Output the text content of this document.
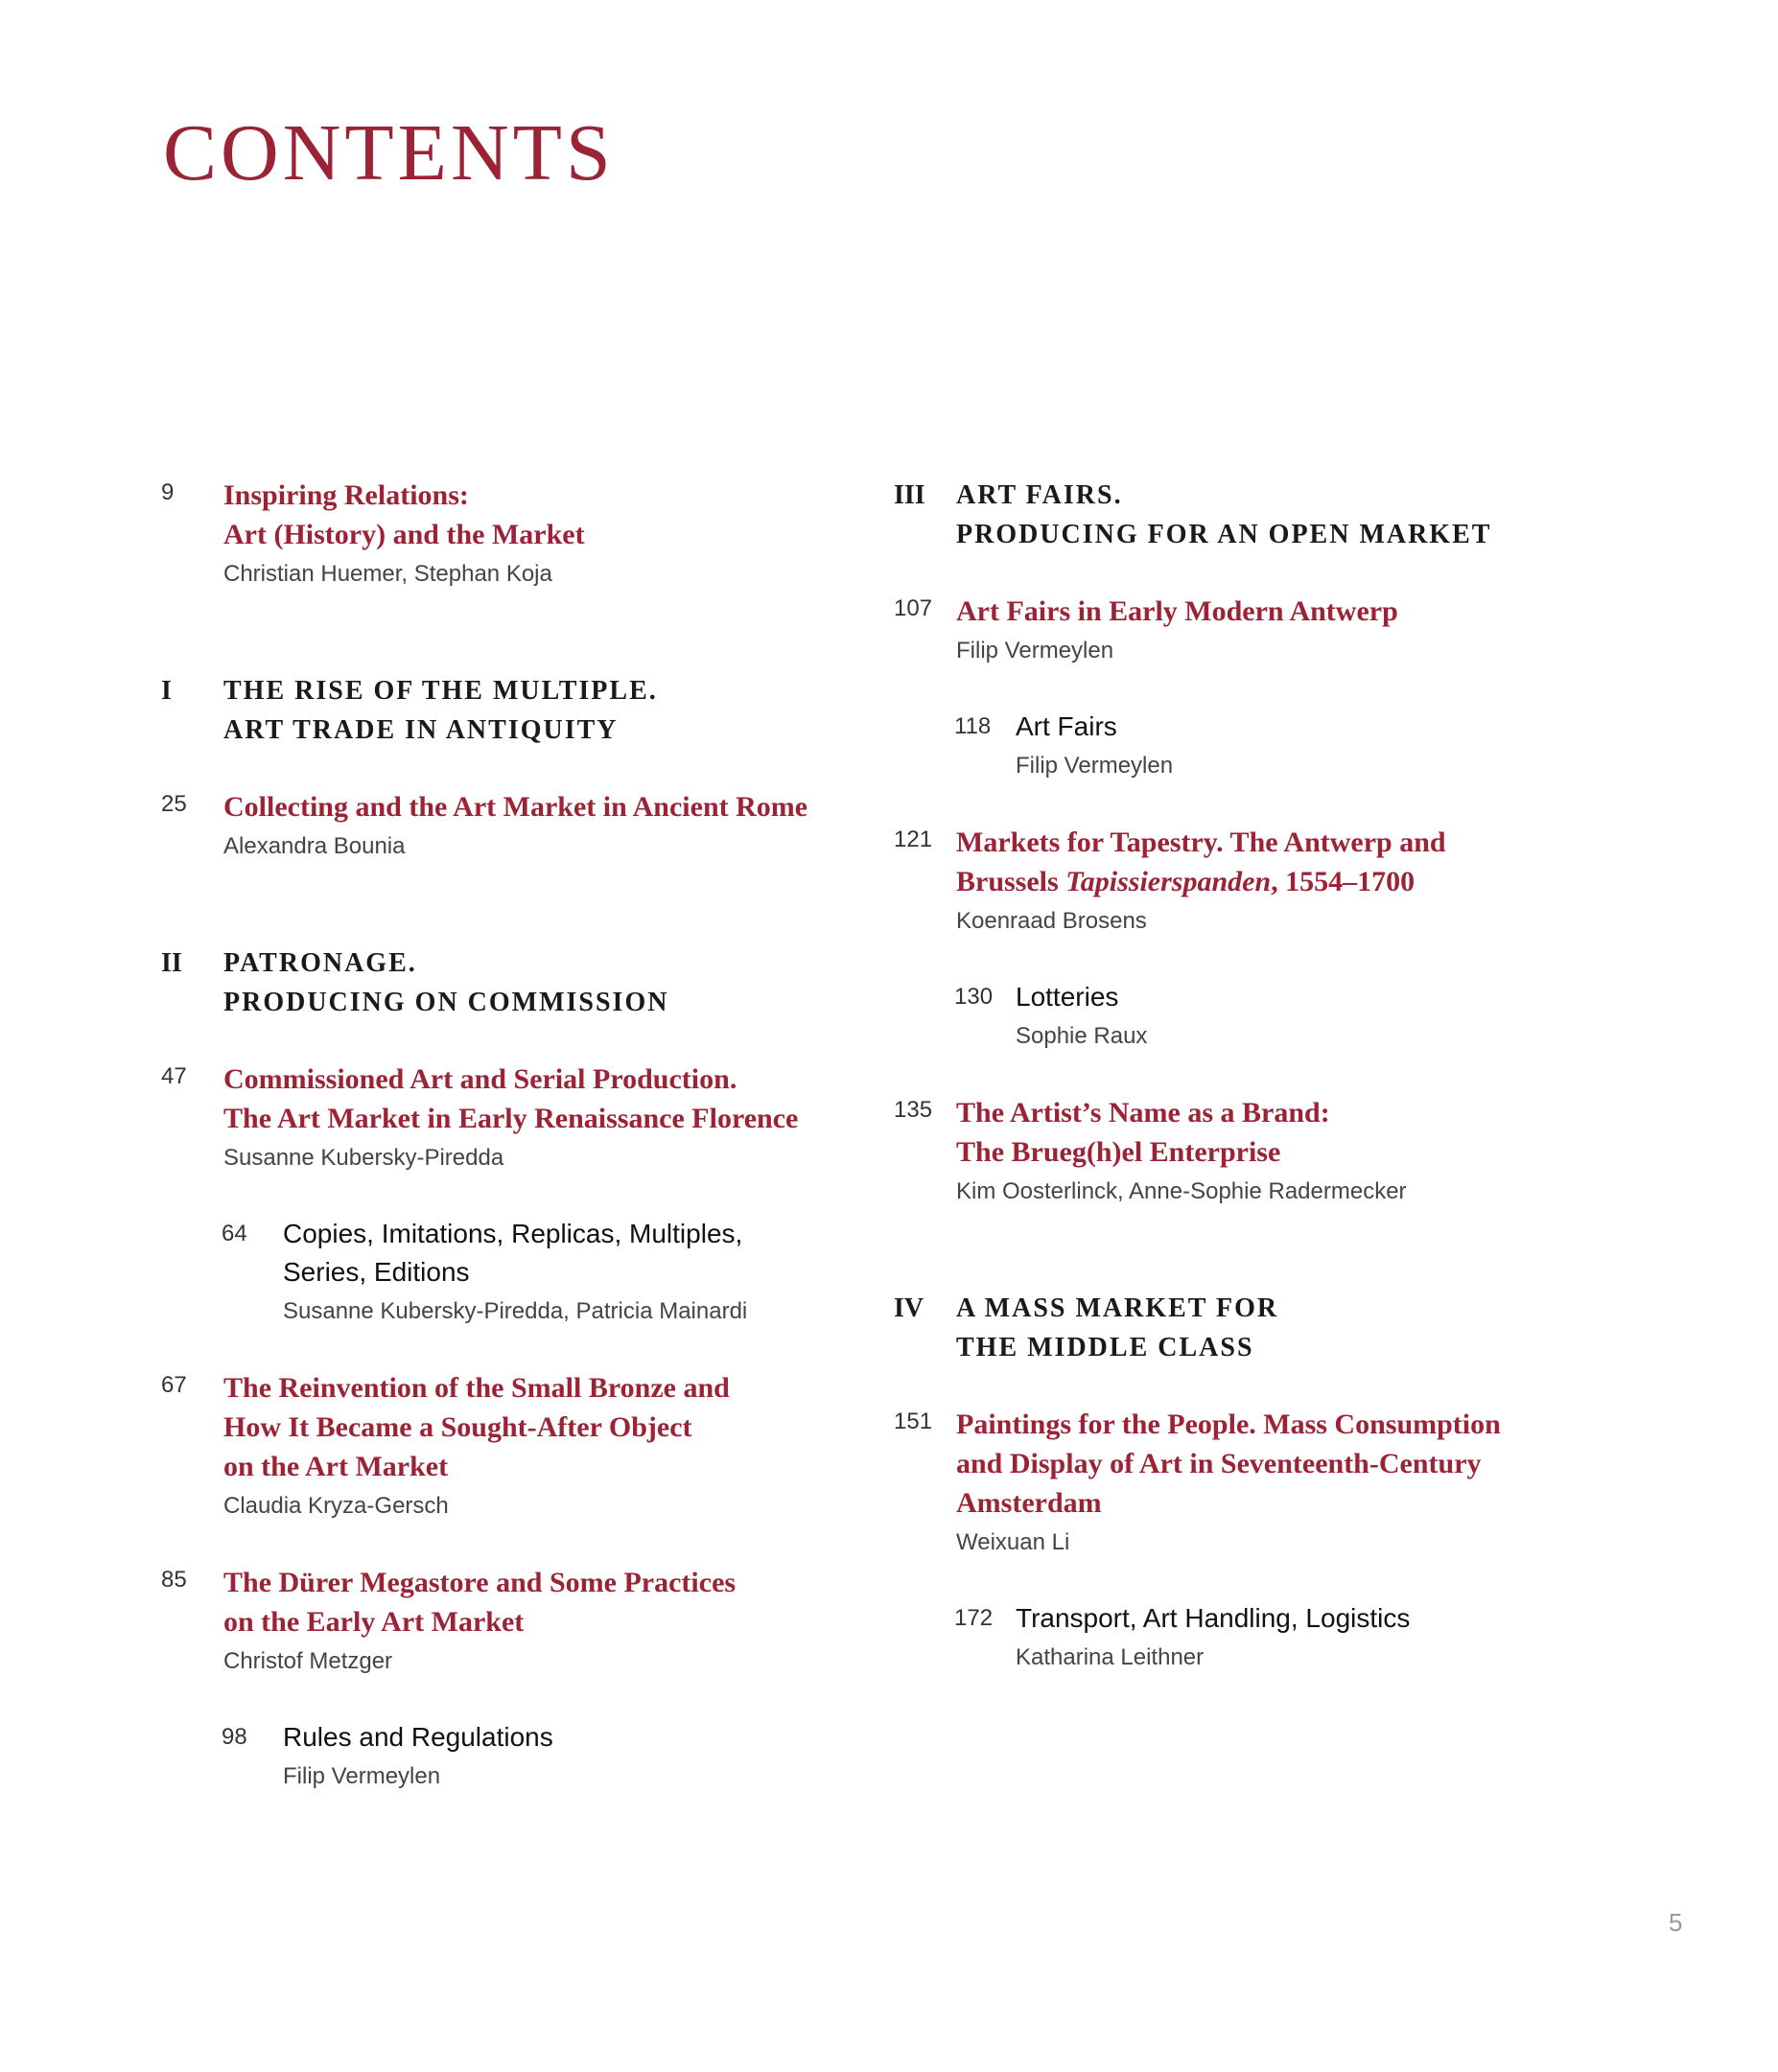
CONTENTS
9 Inspiring Relations:
Art (History) and the Market
Christian Huemer, Stephan Koja
I THE RISE OF THE MULTIPLE.
ART TRADE IN ANTIQUITY
25 Collecting and the Art Market in Ancient Rome
Alexandra Bounia
II PATRONAGE.
PRODUCING ON COMMISSION
47 Commissioned Art and Serial Production.
The Art Market in Early Renaissance Florence
Susanne Kubersky-Piredda
64 Copies, Imitations, Replicas, Multiples,
Series, Editions
Susanne Kubersky-Piredda, Patricia Mainardi
67 The Reinvention of the Small Bronze and
How It Became a Sought-After Object
on the Art Market
Claudia Kryza-Gersch
85 The Dürer Megastore and Some Practices
on the Early Art Market
Christof Metzger
98 Rules and Regulations
Filip Vermeylen
III ART FAIRS.
PRODUCING FOR AN OPEN MARKET
107 Art Fairs in Early Modern Antwerp
Filip Vermeylen
118 Art Fairs
Filip Vermeylen
121 Markets for Tapestry. The Antwerp and
Brussels Tapissierspanden, 1554–1700
Koenraad Brosens
130 Lotteries
Sophie Raux
135 The Artist’s Name as a Brand:
The Brueg(h)el Enterprise
Kim Oosterlinck, Anne-Sophie Radermecker
IV A MASS MARKET FOR
THE MIDDLE CLASS
151 Paintings for the People. Mass Consumption
and Display of Art in Seventeenth-Century
Amsterdam
Weixuan Li
172 Transport, Art Handling, Logistics
Katharina Leithner
5
